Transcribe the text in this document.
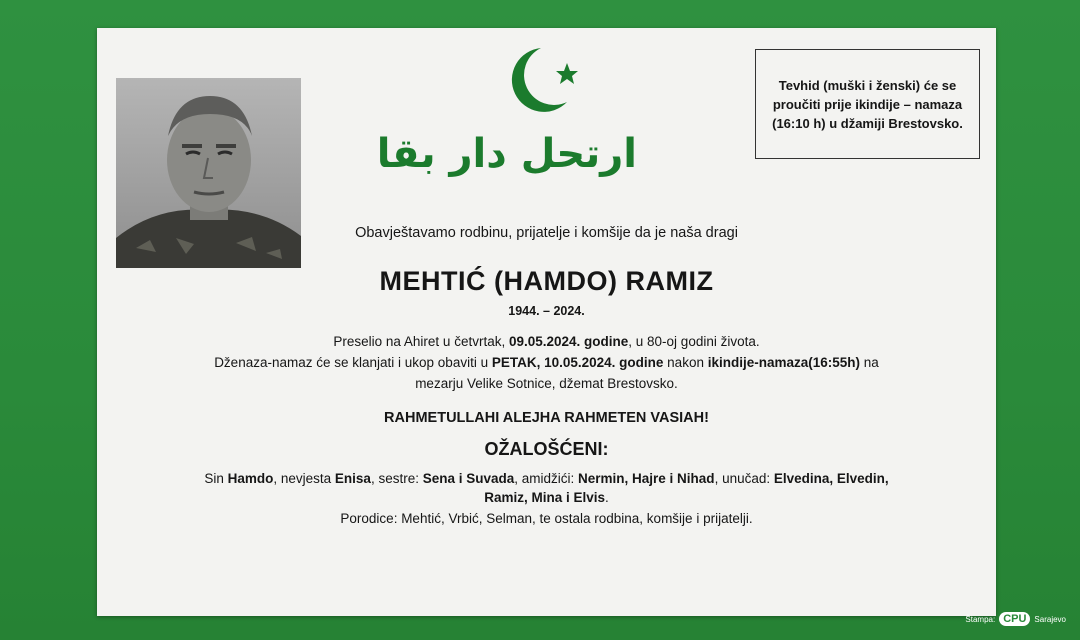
ارتحل دار بقا
Tevhid (muški i ženski) će se proučiti prije ikindije – namaza (16:10 h) u džamiji Brestovsko.
Obavještavamo rodbinu, prijatelje i komšije da je naša dragi
MEHTIĆ (HAMDO) RAMIZ
1944. – 2024.
Preselio na Ahiret u četvrtak, 09.05.2024. godine, u 80-oj godini života.
Dženaza-namaz će se klanjati i ukop obaviti u PETAK, 10.05.2024. godine nakon ikindije-namaza(16:55h) na
mezarju Velike Sotnice, džemat Brestovsko.
RAHMETULLAHI ALEJHA RAHMETEN VASIAH!
OŽALOŠĆENI:
Sin Hamdo, nevjesta Enisa, sestre: Sena i Suvada, amidžići: Nermin, Hajre i Nihad, unučad: Elvedina, Elvedin,
Ramiz, Mina i Elvis.
Porodice: Mehtić, Vrbić, Selman, te ostala rodbina, komšije i prijatelji.
Štampa: CPU	Sarajevo
